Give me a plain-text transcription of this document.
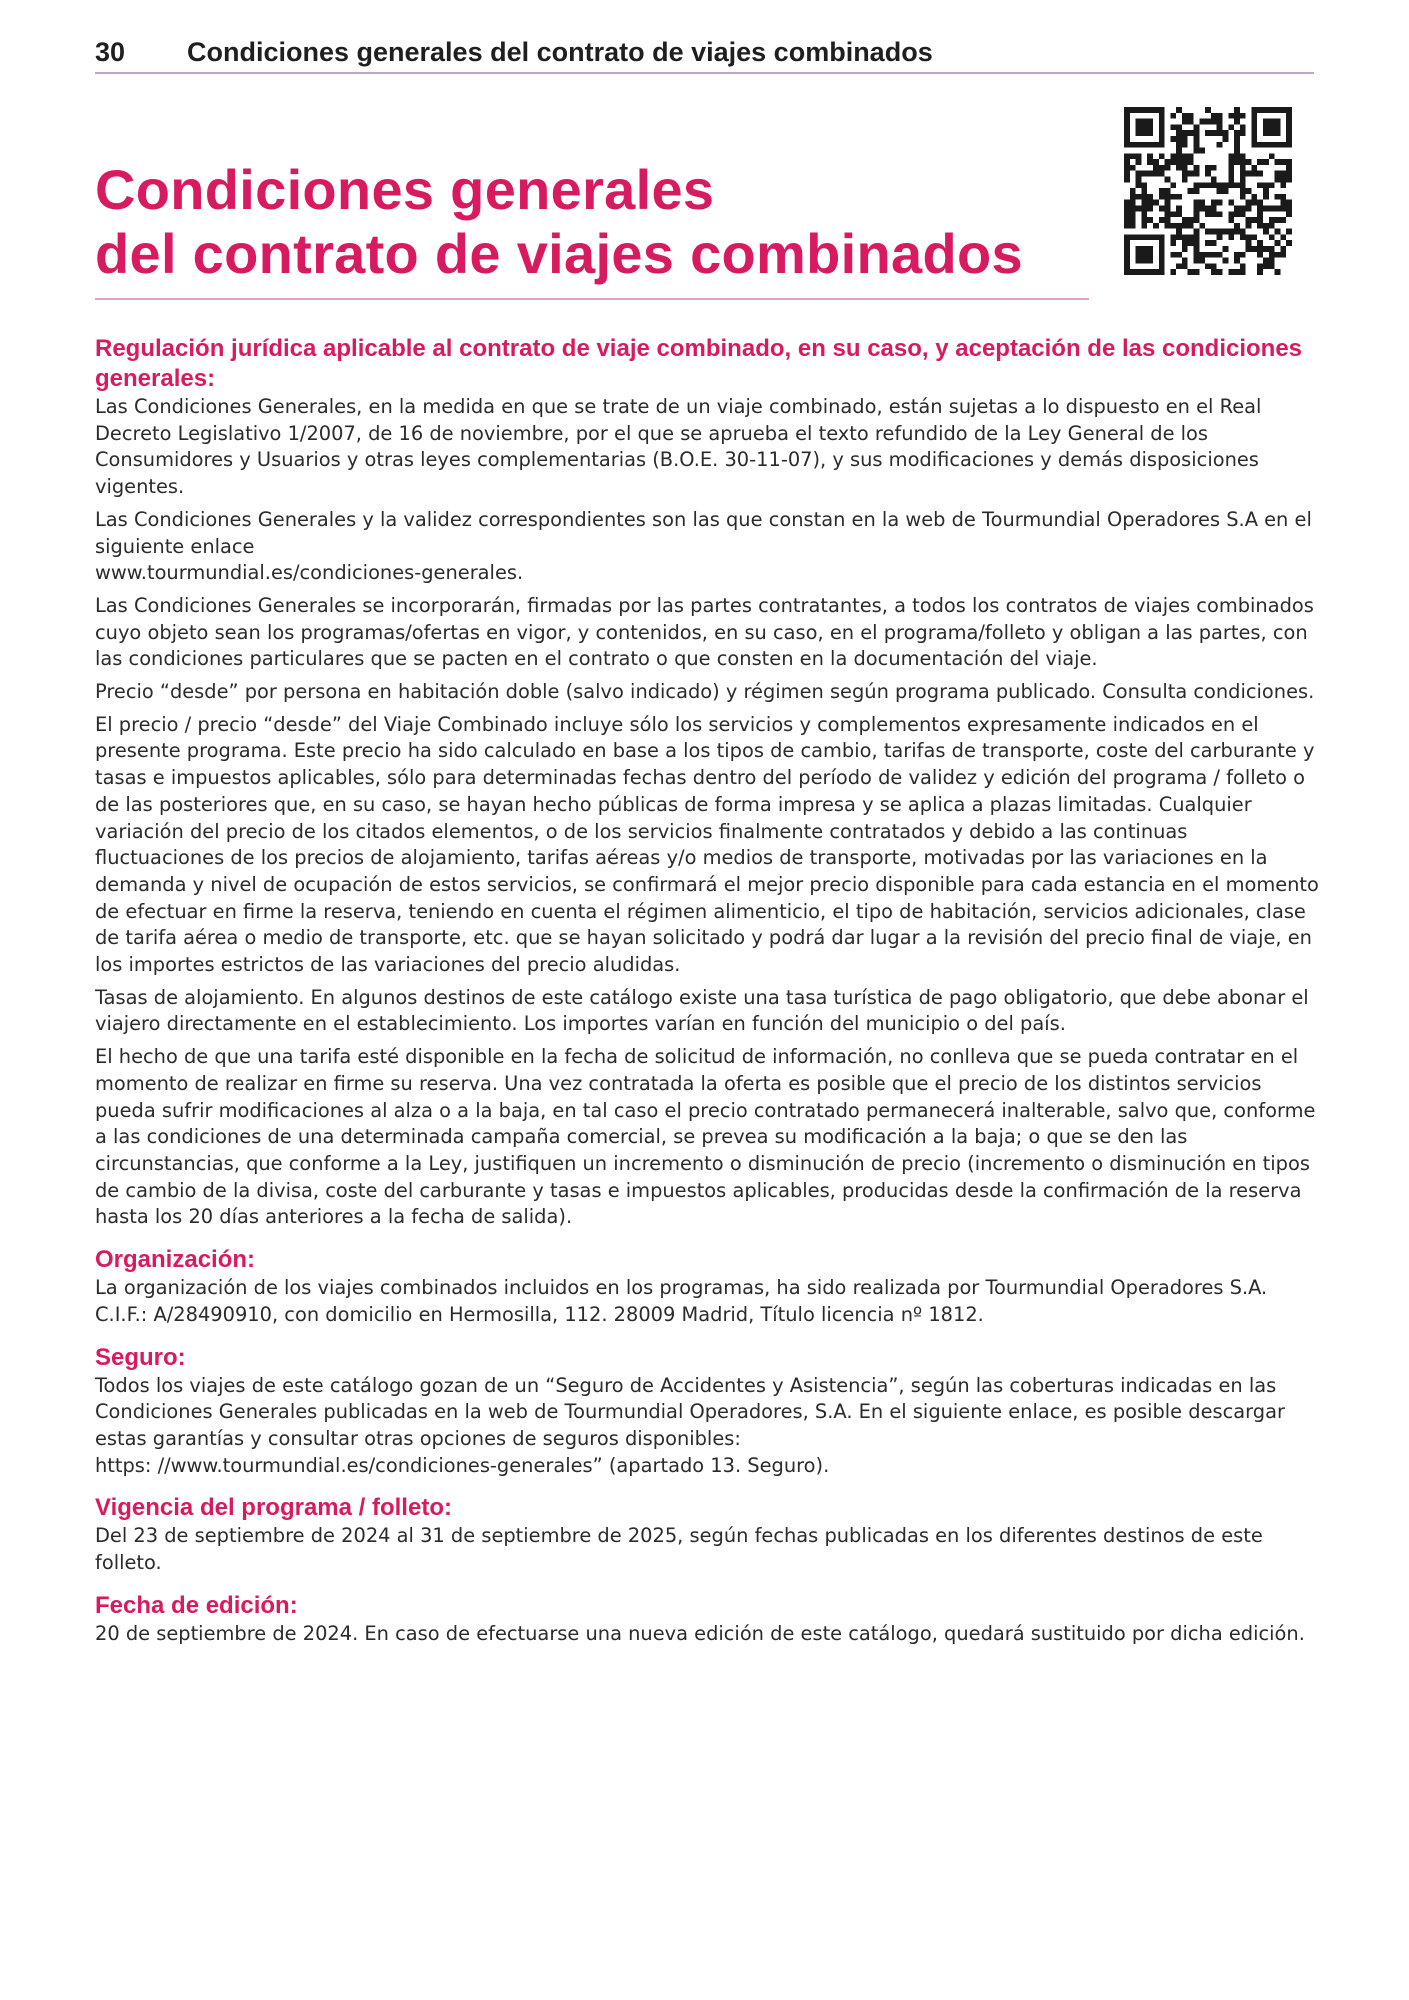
30 Condiciones generales del contrato de viajes combinados
Condiciones generales
del contrato de viajes combinados
Regulación jurídica aplicable al contrato de viaje combinado, en su caso, y aceptación de las condiciones generales:

Las Condiciones Generales, en la medida en que se trate de un viaje combinado, están sujetas a lo dispuesto en el Real Decreto Legislativo 1/2007, de 16 de noviembre, por el que se aprueba el texto refundido de la Ley General de los Consumidores y Usuarios y otras leyes complementarias (B.O.E. 30-11-07), y sus modificaciones y demás disposiciones vigentes.

Las Condiciones Generales y la validez correspondientes son las que constan en la web de Tourmundial Operadores S.A en el siguiente enlace

www.tourmundial.es/condiciones-generales.

Las Condiciones Generales se incorporarán, firmadas por las partes contratantes, a todos los contratos de viajes combinados cuyo objeto sean los programas/ofertas en vigor, y contenidos, en su caso, en el programa/folleto y obligan a las partes, con las condiciones particulares que se pacten en el contrato o que consten en la documentación del viaje.

Precio “desde” por persona en habitación doble (salvo indicado) y régimen según programa publicado. Consulta condiciones.

El precio / precio “desde” del Viaje Combinado incluye sólo los servicios y complementos expresamente indicados en el presente programa. Este precio ha sido calculado en base a los tipos de cambio, tarifas de transporte, coste del carburante y tasas e impuestos aplicables, sólo para determinadas fechas dentro del período de validez y edición del programa / folleto o de las posteriores que, en su caso, se hayan hecho públicas de forma impresa y se aplica a plazas limitadas. Cualquier variación del precio de los citados elementos, o de los servicios finalmente contratados y debido a las continuas fluctuaciones de los precios de alojamiento, tarifas aéreas y/o medios de transporte, motivadas por las variaciones en la demanda y nivel de ocupación de estos servicios, se confirmará el mejor precio disponible para cada estancia en el momento de efectuar en firme la reserva, teniendo en cuenta el régimen alimenticio, el tipo de habitación, servicios adicionales, clase de tarifa aérea o medio de transporte, etc. que se hayan solicitado y podrá dar lugar a la revisión del precio final de viaje, en los importes estrictos de las variaciones del precio aludidas.

Tasas de alojamiento. En algunos destinos de este catálogo existe una tasa turística de pago obligatorio, que debe abonar el viajero directamente en el establecimiento. Los importes varían en función del municipio o del país.

El hecho de que una tarifa esté disponible en la fecha de solicitud de información, no conlleva que se pueda contratar en el momento de realizar en firme su reserva. Una vez contratada la oferta es posible que el precio de los distintos servicios pueda sufrir modificaciones al alza o a la baja, en tal caso el precio contratado permanecerá inalterable, salvo que, conforme a las condiciones de una determinada campaña comercial, se prevea su modificación a la baja; o que se den las circunstancias, que conforme a la Ley, justifiquen un incremento o disminución de precio (incremento o disminución en tipos de cambio de la divisa, coste del carburante y tasas e impuestos aplicables, producidas desde la confirmación de la reserva hasta los 20 días anteriores a la fecha de salida).

Organización:

La organización de los viajes combinados incluidos en los programas, ha sido realizada por Tourmundial Operadores S.A. C.I.F.: A/28490910, con domicilio en Hermosilla, 112. 28009 Madrid, Título licencia nº 1812.

Seguro:

Todos los viajes de este catálogo gozan de un “Seguro de Accidentes y Asistencia”, según las coberturas indicadas en las Condiciones Generales publicadas en la web de Tourmundial Operadores, S.A. En el siguiente enlace, es posible descargar estas garantías y consultar otras opciones de seguros disponibles:

https: //www.tourmundial.es/condiciones-generales” (apartado 13. Seguro).

Vigencia del programa / folleto:

Del 23 de septiembre de 2024 al 31 de septiembre de 2025, según fechas publicadas en los diferentes destinos de este folleto.

Fecha de edición:

20 de septiembre de 2024. En caso de efectuarse una nueva edición de este catálogo, quedará sustituido por dicha edición.
